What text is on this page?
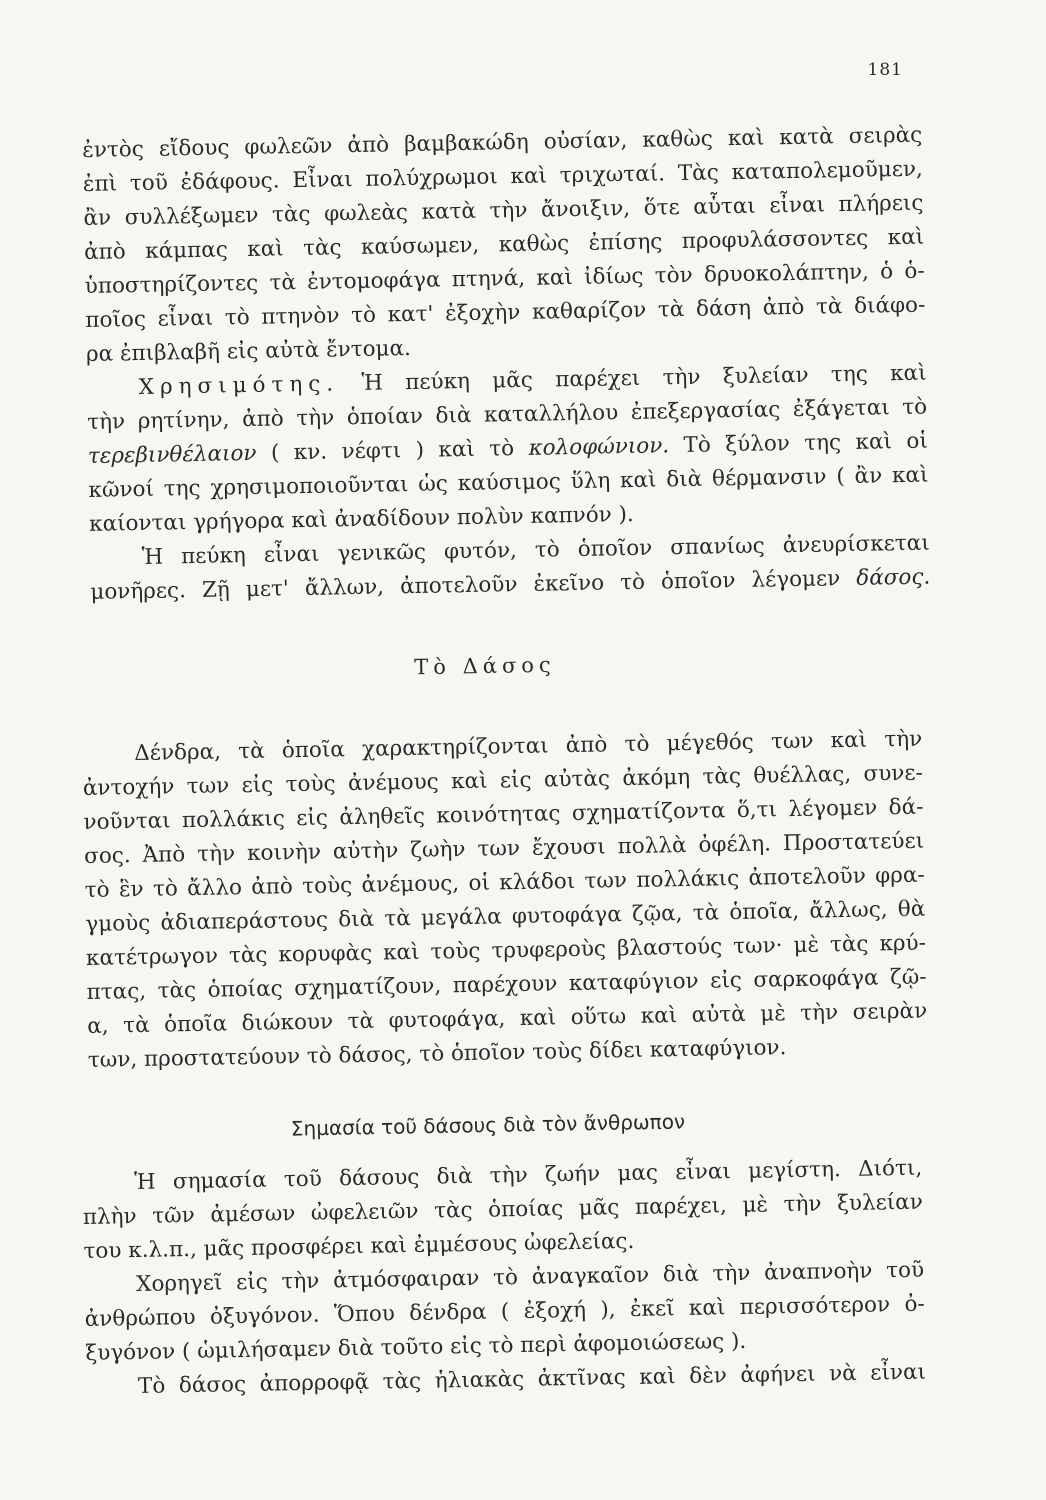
181
ἐντὸς εἴδους φωλεῶν ἀπὸ βαμβακώδη οὐσίαν, καθὼς καὶ κατὰ σειρὰς
ἐπὶ τοῦ ἐδάφους. Εἶναι πολύχρωμοι καὶ τριχωταί. Τὰς καταπολεμοῦμεν,
ἂν συλλέξωμεν τὰς φωλεὰς κατὰ τὴν ἄνοιξιν, ὅτε αὗται εἶναι πλήρεις
ἀπὸ κάμπας καὶ τὰς καύσωμεν, καθὼς ἐπίσης προφυλάσσοντες καὶ
ὑποστηρίζοντες τὰ ἐντομοφάγα πτηνά, καὶ ἰδίως τὸν δρυοκολάπτην, ὁ ὁ-
ποῖος εἶναι τὸ πτηνὸν τὸ κατ' ἐξοχὴν καθαρίζον τὰ δάση ἀπὸ τὰ διάφο-
ρα ἐπιβλαβῆ εἰς αὐτὰ ἔντομα.
Χρησιμότης. Ἡ πεύκη μᾶς παρέχει τὴν ξυλείαν της καὶ
τὴν ρητίνην, ἀπὸ τὴν ὁποίαν διὰ καταλλήλου ἐπεξεργασίας ἐξάγεται τὸ
τερεβινθέλαιον ( κν. νέφτι ) καὶ τὸ κολοφώνιον. Τὸ ξύλον της καὶ οἱ
κῶνοί της χρησιμοποιοῦνται ὡς καύσιμος ὕλη καὶ διὰ θέρμανσιν ( ἂν καὶ
καίονται γρήγορα καὶ ἀναδίδουν πολὺν καπνόν ).
Ἡ πεύκη εἶναι γενικῶς φυτόν, τὸ ὁποῖον σπανίως ἀνευρίσκεται
μονῆρες. Ζῇ μετ' ἄλλων, ἀποτελοῦν ἐκεῖνο τὸ ὁποῖον λέγομεν δάσος.
Τὸ Δάσος
Δένδρα, τὰ ὁποῖα χαρακτηρίζονται ἀπὸ τὸ μέγεθός των καὶ τὴν
ἀντοχήν των εἰς τοὺς ἀνέμους καὶ εἰς αὐτὰς ἀκόμη τὰς θυέλλας, συνε-
νοῦνται πολλάκις εἰς ἀληθεῖς κοινότητας σχηματίζοντα ὅ,τι λέγομεν δά-
σος. Ἀπὸ τὴν κοινὴν αὐτὴν ζωὴν των ἔχουσι πολλὰ ὀφέλη. Προστατεύει
τὸ ἓν τὸ ἄλλο ἀπὸ τοὺς ἀνέμους, οἱ κλάδοι των πολλάκις ἀποτελοῦν φρα-
γμοὺς ἀδιαπεράστους διὰ τὰ μεγάλα φυτοφάγα ζῷα, τὰ ὁποῖα, ἄλλως, θὰ
κατέτρωγον τὰς κορυφὰς καὶ τοὺς τρυφεροὺς βλαστούς των· μὲ τὰς κρύ-
πτας, τὰς ὁποίας σχηματίζουν, παρέχουν καταφύγιον εἰς σαρκοφάγα ζῷ-
α, τὰ ὁποῖα διώκουν τὰ φυτοφάγα, καὶ οὕτω καὶ αὐτὰ μὲ τὴν σειρὰν
των, προστατεύουν τὸ δάσος, τὸ ὁποῖον τοὺς δίδει καταφύγιον.
Σημασία τοῦ δάσους διὰ τὸν ἄνθρωπον
Ἡ σημασία τοῦ δάσους διὰ τὴν ζωήν μας εἶναι μεγίστη. Διότι,
πλὴν τῶν ἀμέσων ὠφελειῶν τὰς ὁποίας μᾶς παρέχει, μὲ τὴν ξυλείαν
του κ.λ.π., μᾶς προσφέρει καὶ ἐμμέσους ὠφελείας.
Χορηγεῖ εἰς τὴν ἀτμόσφαιραν τὸ ἀναγκαῖον διὰ τὴν ἀναπνοὴν τοῦ
ἀνθρώπου ὀξυγόνον. Ὅπου δένδρα ( ἐξοχή ), ἐκεῖ καὶ περισσότερον ὀ-
ξυγόνον ( ὡμιλήσαμεν διὰ τοῦτο εἰς τὸ περὶ ἀφομοιώσεως ).
Τὸ δάσος ἀπορροφᾷ τὰς ἡλιακὰς ἀκτῖνας καὶ δὲν ἀφήνει νὰ εἶναι
